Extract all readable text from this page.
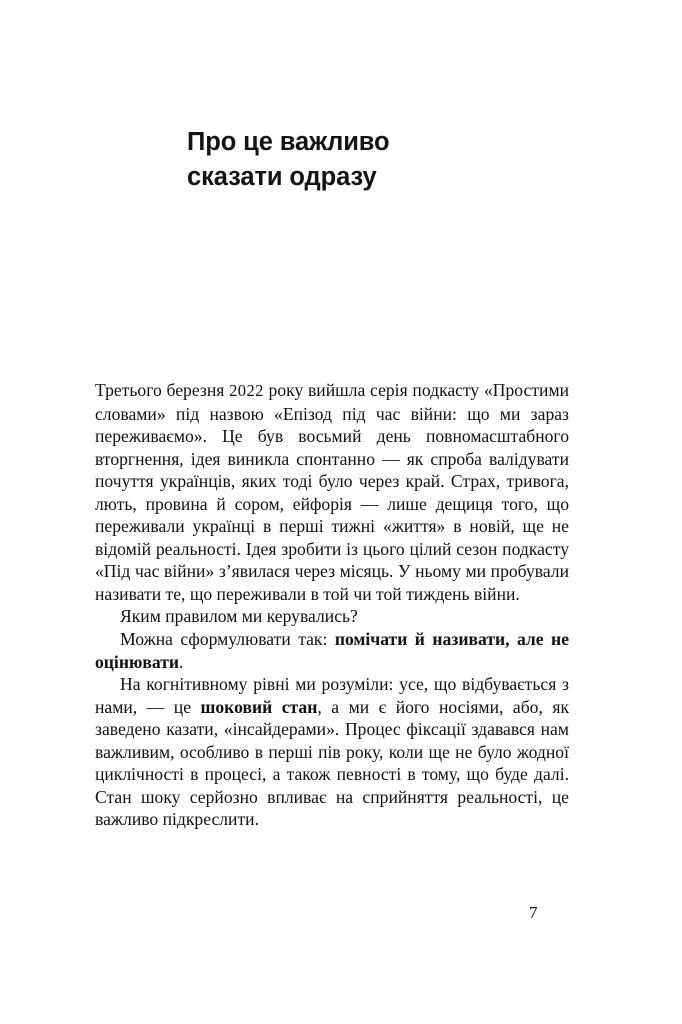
Про це важливо
сказати одразу

Третього березня 2022 року вийшла серія подкасту «Простими словами» під назвою «Епізод під час війни: що ми зараз переживаємо». Це був восьмий день повномасштабного вторгнення, ідея виникла спонтанно — як спроба валідувати почуття українців, яких тоді було через край. Страх, тривога, лють, провина й сором, ейфорія — лише дещиця того, що переживали українці в перші тижні «життя» в новій, ще не відомій реальності. Ідея зробити із цього цілий сезон подкасту «Під час війни» з’явилася через місяць. У ньому ми пробували називати те, що переживали в той чи той тиждень війни.

Яким правилом ми керувались?

Можна сформулювати так: помічати й називати, але не оцінювати.

На когнітивному рівні ми розуміли: усе, що відбувається з нами, — це шоковий стан, а ми є його носіями, або, як заведено казати, «інсайдерами». Процес фіксації здавався нам важливим, особливо в перші пів року, коли ще не було жодної циклічності в процесі, а також певності в тому, що буде далі. Стан шоку серйозно впливає на сприйняття реальності, це важливо підкреслити.

7
